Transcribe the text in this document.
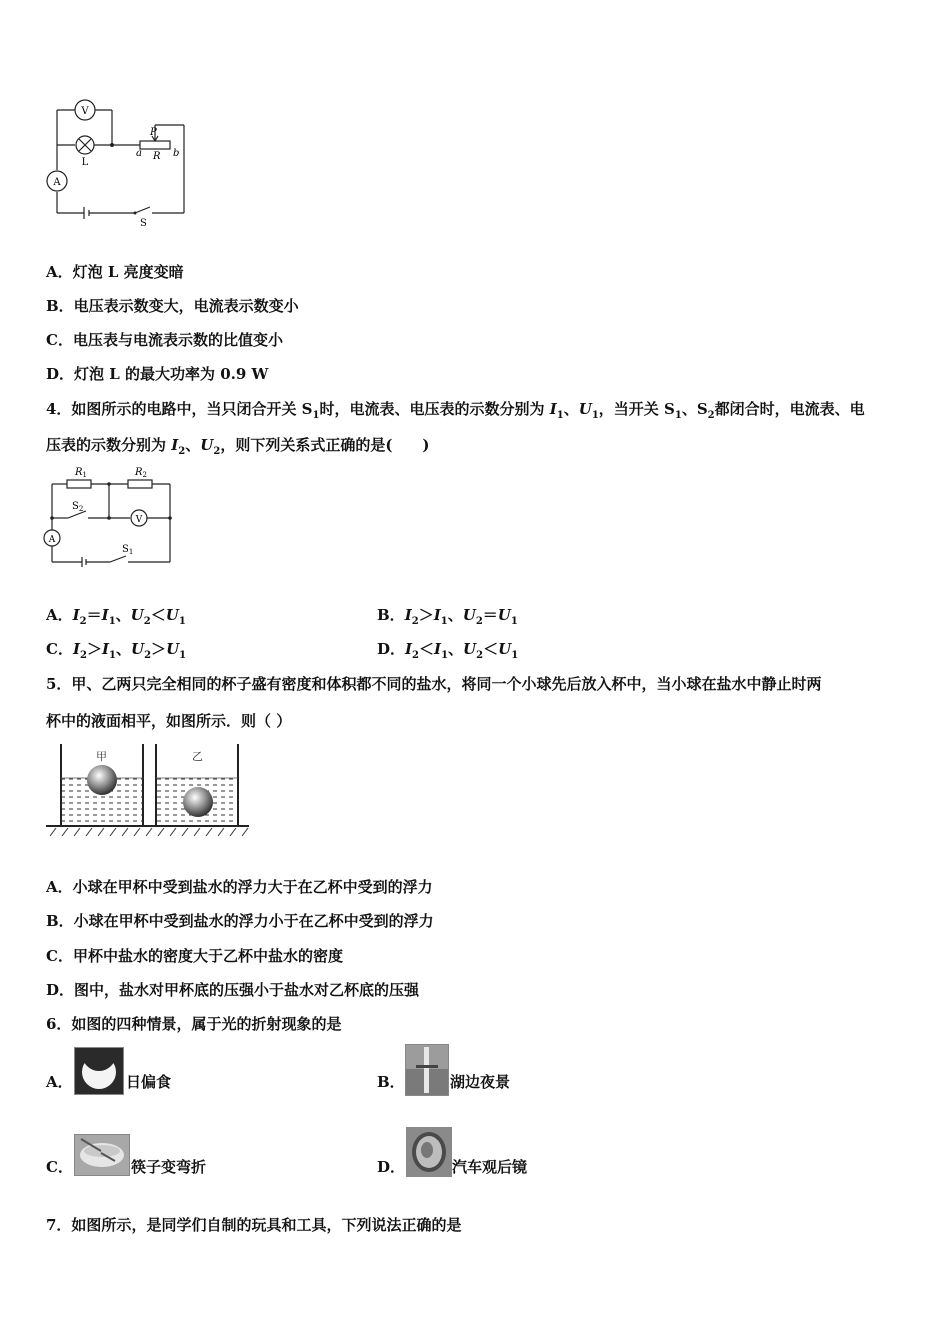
V
L
A
P
a R b
S
A．灯泡 L 亮度变暗
B．电压表示数变大，电流表示数变小
C．电压表与电流表示数的比值变小
D．灯泡 L 的最大功率为 0.9 W
4．如图所示的电路中，当只闭合开关 $S_1$时，电流表、电压表的示数分别为 $I_1$、$U_1$，当开关 $S_1$、$S_2$都闭合时，电流表、电
压表的示数分别为 $I_2$、$U_2$，则下列关系式正确的是(　　)
$R_1$	$R_2$
$S_2$
V
A
$S_1$
A．$I_2=I_1$、$U_2<U_1$	B．$I_2>I_1$、$U_2=U_1$
C．$I_2>I_1$、$U_2>U_1$	D．$I_2<I_1$、$U_2<U_1$
5．甲、乙两只完全相同的杯子盛有密度和体积都不同的盐水，将同一个小球先后放入杯中，当小球在盐水中静止时两
杯中的液面相平，如图所示．则（ ）
甲	乙
A．小球在甲杯中受到盐水的浮力大于在乙杯中受到的浮力
B．小球在甲杯中受到盐水的浮力小于在乙杯中受到的浮力
C．甲杯中盐水的密度大于乙杯中盐水的密度
D．图中，盐水对甲杯底的压强小于盐水对乙杯底的压强
6．如图的四种情景，属于光的折射现象的是
A．	日偏食	B．	湖边夜景
C．	筷子变弯折	D．	汽车观后镜
7．如图所示，是同学们自制的玩具和工具，下列说法正确的是
